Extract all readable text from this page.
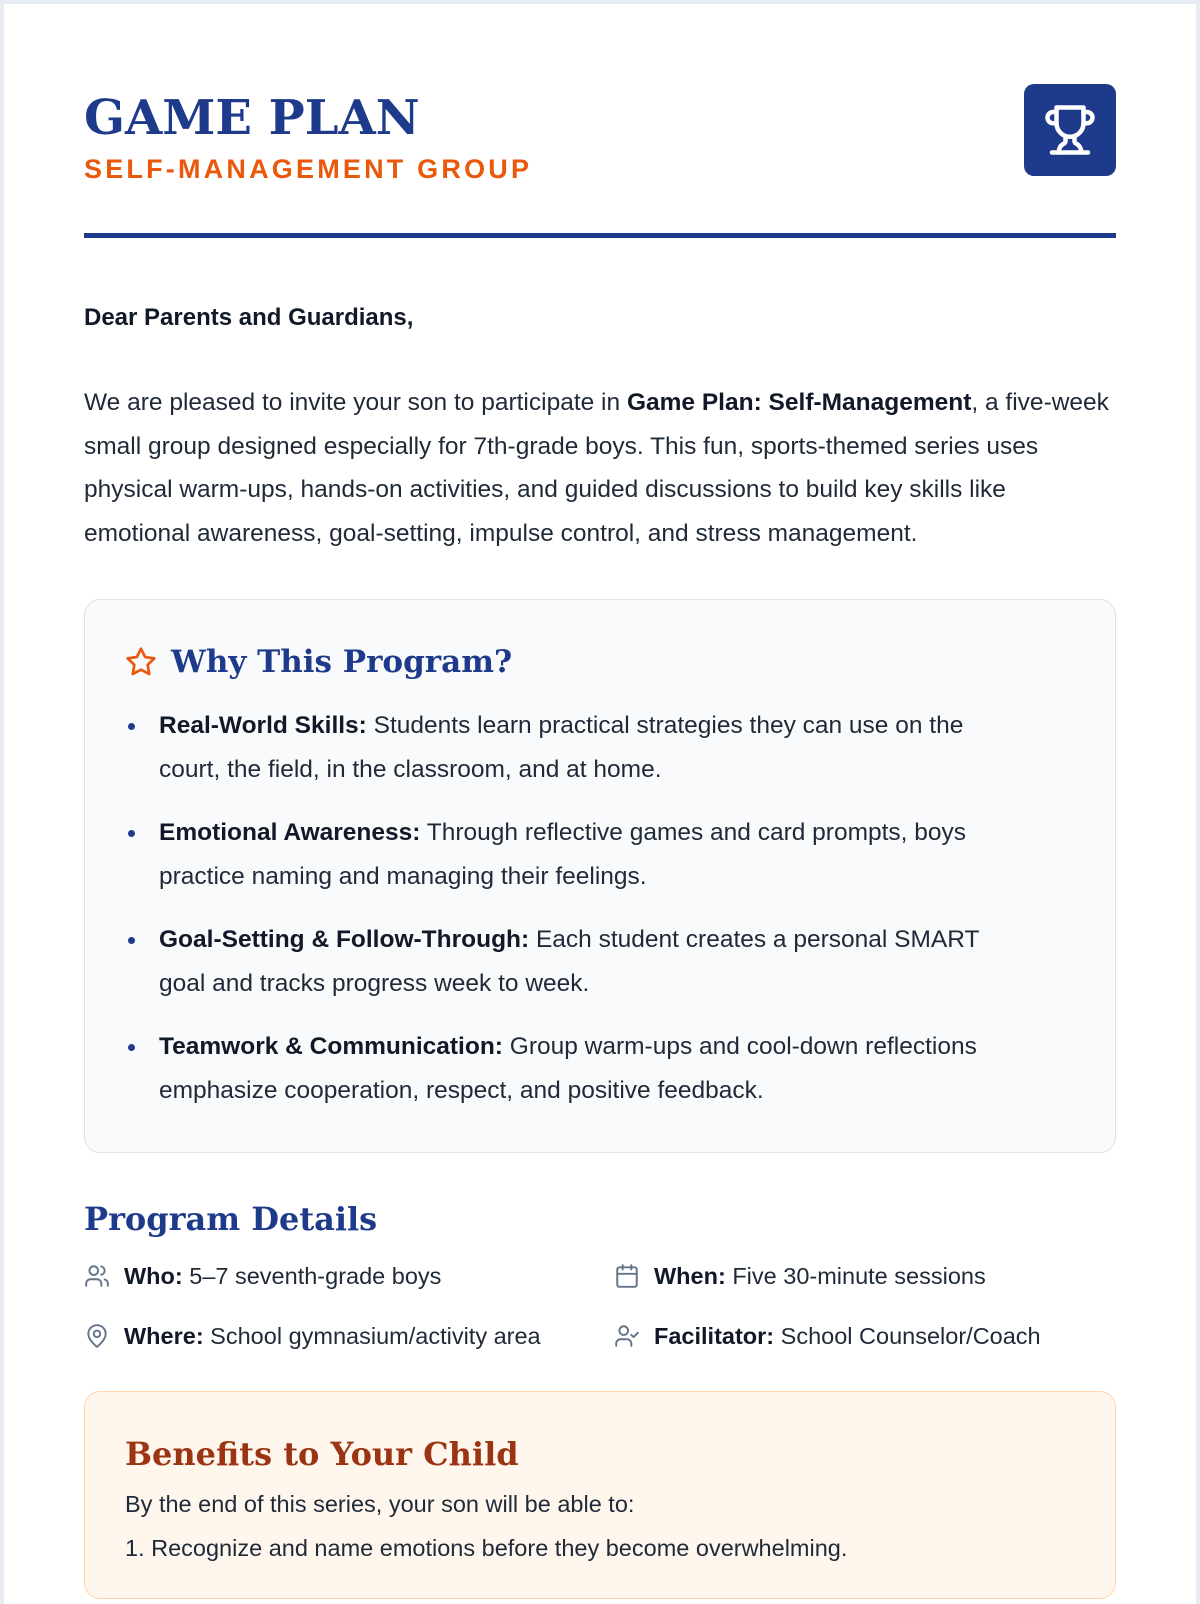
GAME PLAN
SELF-MANAGEMENT GROUP

Dear Parents and Guardians,

We are pleased to invite your son to participate in Game Plan: Self-Management, a five-week small group designed especially for 7th-grade boys. This fun, sports-themed series uses physical warm-ups, hands-on activities, and guided discussions to build key skills like emotional awareness, goal-setting, impulse control, and stress management.

Why This Program?
Real-World Skills: Students learn practical strategies they can use on the court, the field, in the classroom, and at home.
Emotional Awareness: Through reflective games and card prompts, boys practice naming and managing their feelings.
Goal-Setting & Follow-Through: Each student creates a personal SMART goal and tracks progress week to week.
Teamwork & Communication: Group warm-ups and cool-down reflections emphasize cooperation, respect, and positive feedback.
Program Details
Who: 5–7 seventh-grade boys	When: Five 30-minute sessions
Where: School gymnasium/activity area	Facilitator: School Counselor/Coach
Benefits to Your Child

By the end of this series, your son will be able to:

1. Recognize and name emotions before they become overwhelming.
